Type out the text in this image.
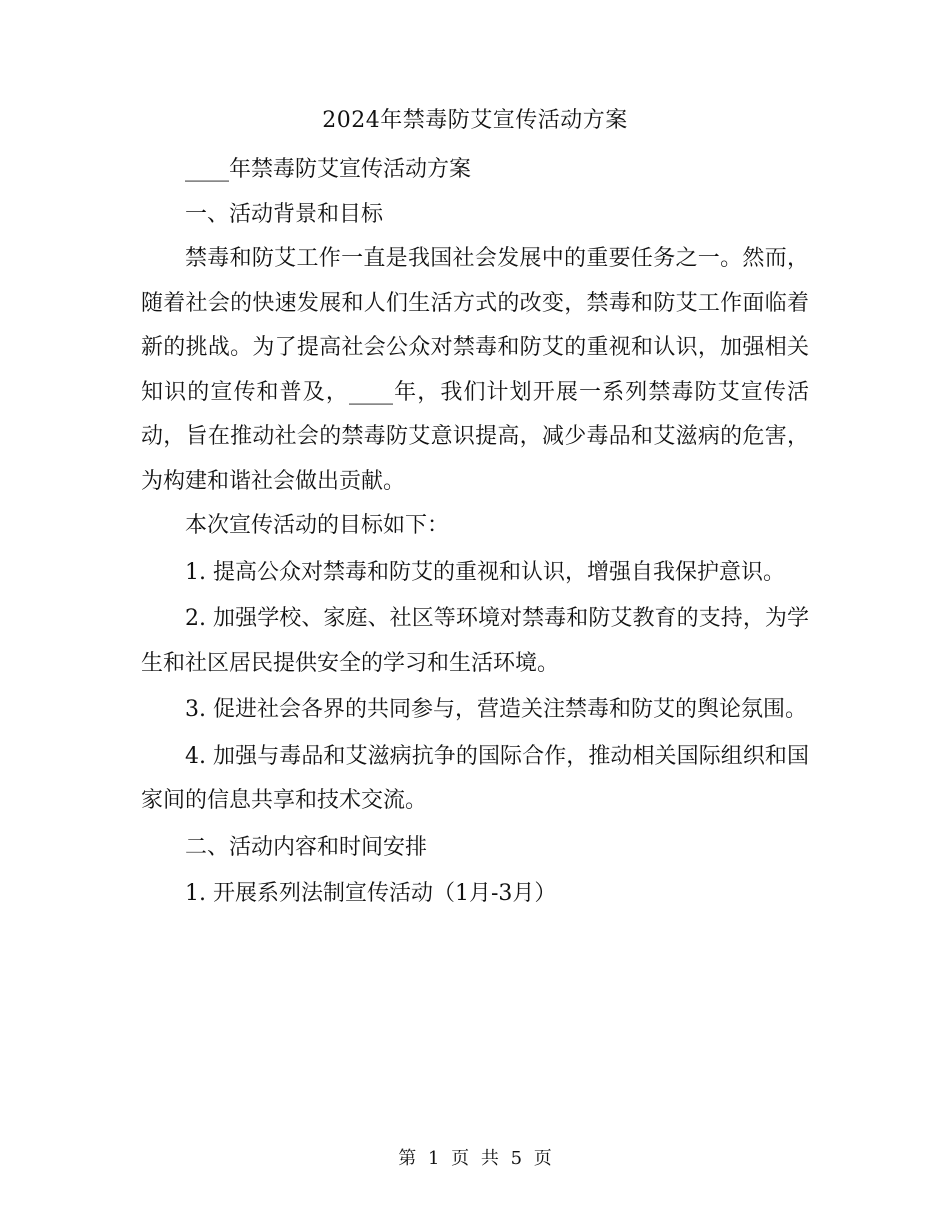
2024年禁毒防艾宣传活动方案

____年禁毒防艾宣传活动方案

一、活动背景和目标

禁毒和防艾工作一直是我国社会发展中的重要任务之一。然而，随着社会的快速发展和人们生活方式的改变，禁毒和防艾工作面临着新的挑战。为了提高社会公众对禁毒和防艾的重视和认识，加强相关知识的宣传和普及，____年，我们计划开展一系列禁毒防艾宣传活动，旨在推动社会的禁毒防艾意识提高，减少毒品和艾滋病的危害，为构建和谐社会做出贡献。

本次宣传活动的目标如下：

1. 提高公众对禁毒和防艾的重视和认识，增强自我保护意识。

2. 加强学校、家庭、社区等环境对禁毒和防艾教育的支持，为学生和社区居民提供安全的学习和生活环境。

3. 促进社会各界的共同参与，营造关注禁毒和防艾的舆论氛围。

4. 加强与毒品和艾滋病抗争的国际合作，推动相关国际组织和国家间的信息共享和技术交流。

二、活动内容和时间安排

1. 开展系列法制宣传活动（1月-3月）

第 1 页 共 5 页
